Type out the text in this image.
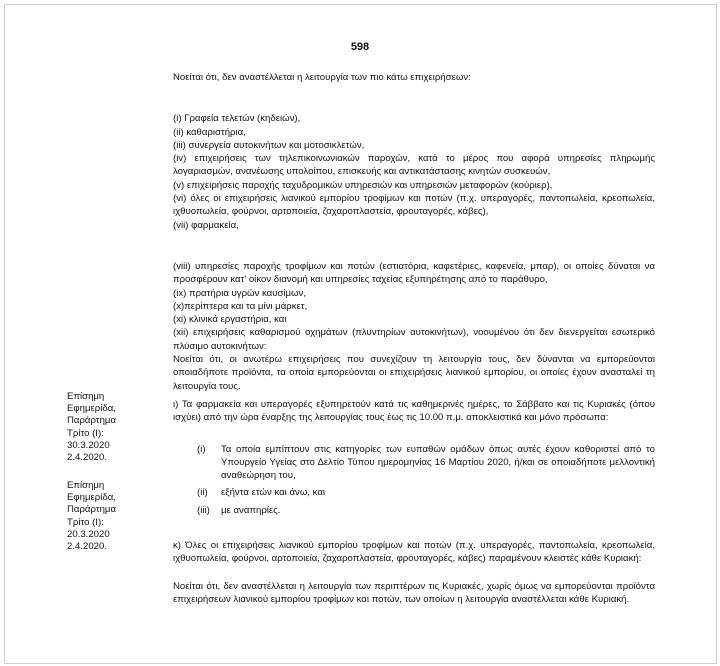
598
Επίσημη
Εφημερίδα,
Παράρτημα
Τρίτο (Ι):
30.3.2020
2.4.2020.
Επίσημη
Εφημερίδα,
Παράρτημα
Τρίτο (Ι):
20.3.2020
2.4.2020.

Νοείται ότι, δεν αναστέλλεται η λειτουργία των πιο κάτω επιχειρήσεων:

(i) Γραφεία τελετών (κηδειών),

(ii) καθαριστήρια,

(iii) συνεργεία αυτοκινήτων και μοτοσικλετών,

(iv) επιχειρήσεις των τηλεπικοινωνιακών παροχών, κατά το μέρος που αφορά υπηρεσίες πληρωμής λογαριασμών, ανανέωσης υπολοίπου, επισκευής και αντικατάστασης κινητών συσκευών,

(v) επιχειρήσεις παροχής ταχυδρομικών υπηρεσιών και υπηρεσιών μεταφορών (κούριερ),

(vi) όλες οι επιχειρήσεις λιανικού εμπορίου τροφίμων και ποτών (π.χ. υπεραγορές, παντοπωλεία, κρεοπωλεία, ιχθυοπωλεία, φούρνοι, αρτοποιεία, ζαχαροπλαστεία, φρουταγορές, κάβες),

(vii) φαρμακεία,

(viii) υπηρεσίες παροχής τροφίμων και ποτών (εστιατόρια, καφετέριες, καφενεία, μπαρ), οι οποίες δύναται να προσφέρουν κατ' οίκον διανομή και υπηρεσίες ταχείας εξυπηρέτησης από το παράθυρο,

(ix) πρατήρια υγρών καυσίμων,

(x)περίπτερα και τα μίνι μάρκετ,

(xi) κλινικά εργαστήρια, και

(xii) επιχειρήσεις καθαρισμού οχημάτων (πλυντηρίων αυτοκινήτων), νοουμένου ότι δεν διενεργείται εσωτερικό πλύσιμο αυτοκινήτων:

Νοείται ότι, οι ανωτέρω επιχειρήσεις που συνεχίζουν τη λειτουργία τους, δεν δύνανται να εμπορεύονται οποιαδήποτε προϊόντα, τα οποία εμπορεύονται οι επιχειρήσεις λιανικού εμπορίου, οι οποίες έχουν ανασταλεί τη λειτουργία τους.

ι) Τα φαρμακεία και υπεραγορές εξυπηρετούν κατά τις καθημερινές ημέρες, το Σάββατο και τις Κυριακές (όπου ισχύει) από την ώρα έναρξης της λειτουργίας τους έως τις 10.00 π.μ. αποκλειστικά και μόνο πρόσωπα:

(i)	Τα οποία εμπίπτουν στις κατηγορίες των ευπαθών ομάδων όπως αυτές έχουν καθοριστεί από το Υπουργείο Υγείας στο Δελτίο Τύπου ημερομηνίας 16 Μαρτίου 2020, ή/και σε οποιαδήποτε μελλοντική αναθεώρηση του,
(ii)	εξήντα ετών και άνω, και
(iii)	με αναπηρίες.

κ) Όλες οι επιχειρήσεις λιανικού εμπορίου τροφίμων και ποτών (π.χ. υπεραγορές, παντοπωλεία, κρεοπωλεία, ιχθυοπωλεία, φούρνοι, αρτοποιεία, ζαχαροπλαστεία, φρουταγορές, κάβες) παραμένουν κλειστές κάθε Κυριακή:

Νοείται ότι, δεν αναστέλλεται η λειτουργία των περιπτέρων τις Κυριακές, χωρίς όμως να εμπορεύονται προϊόντα επιχειρήσεων λιανικού εμπορίου τροφίμων και ποτών, των οποίων η λειτουργία αναστέλλεται κάθε Κυριακή.
